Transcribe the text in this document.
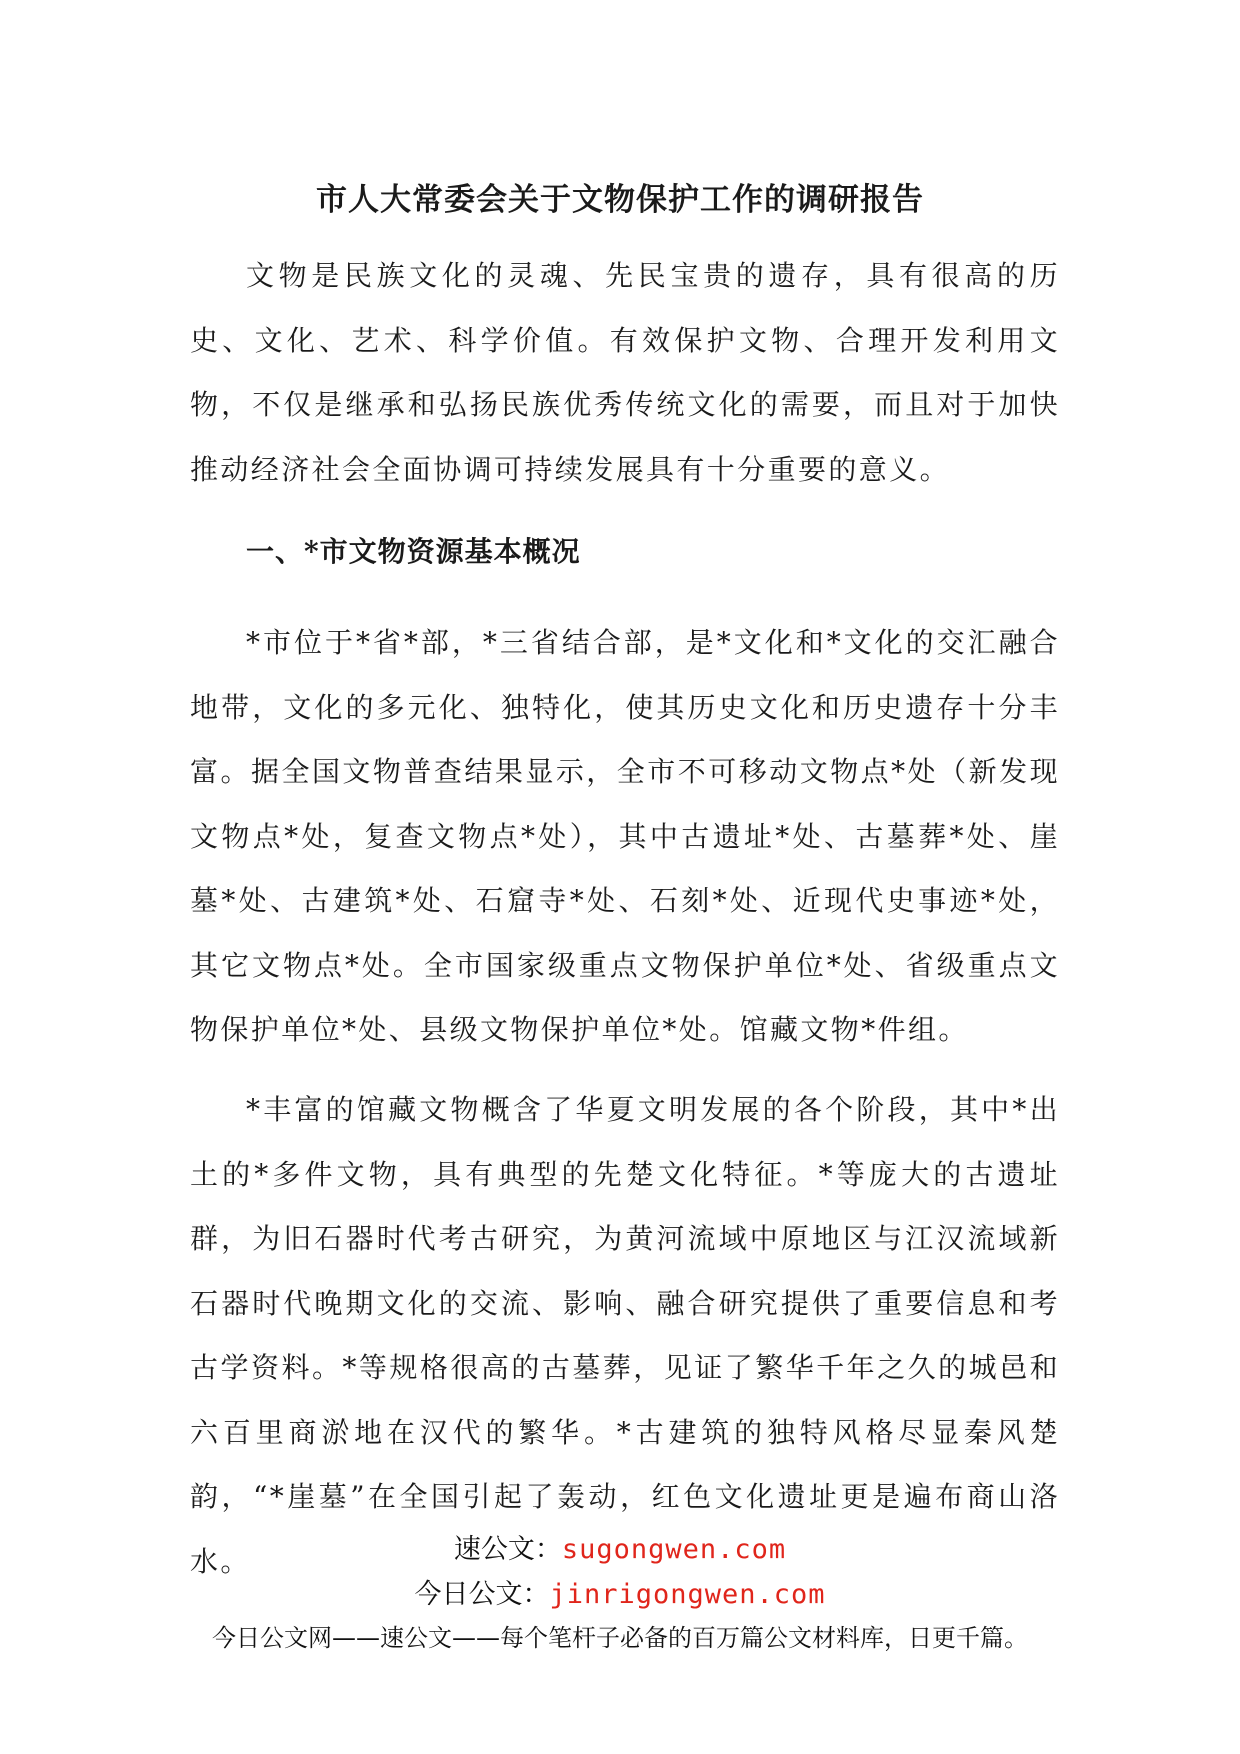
市人大常委会关于文物保护工作的调研报告

文物是民族文化的灵魂、先民宝贵的遗存，具有很高的历史、文化、艺术、科学价值。有效保护文物、合理开发利用文物，不仅是继承和弘扬民族优秀传统文化的需要，而且对于加快推动经济社会全面协调可持续发展具有十分重要的意义。

一、*市文物资源基本概况

*市位于*省*部，*三省结合部，是*文化和*文化的交汇融合地带，文化的多元化、独特化，使其历史文化和历史遗存十分丰富。据全国文物普查结果显示，全市不可移动文物点*处（新发现文物点*处，复查文物点*处），其中古遗址*处、古墓葬*处、崖墓*处、古建筑*处、石窟寺*处、石刻*处、近现代史事迹*处，其它文物点*处。全市国家级重点文物保护单位*处、省级重点文物保护单位*处、县级文物保护单位*处。馆藏文物*件组。

*丰富的馆藏文物概含了华夏文明发展的各个阶段，其中*出土的*多件文物，具有典型的先楚文化特征。*等庞大的古遗址群，为旧石器时代考古研究，为黄河流域中原地区与江汉流域新石器时代晚期文化的交流、影响、融合研究提供了重要信息和考古学资料。*等规格很高的古墓葬，见证了繁华千年之久的城邑和六百里商淤地在汉代的繁华。*古建筑的独特风格尽显秦风楚韵，“*崖墓”在全国引起了轰动，红色文化遗址更是遍布商山洛水。	速公文：sugongwen.com
今日公文：jinrigongwen.com
今日公文网——速公文——每个笔杆子必备的百万篇公文材料库，日更千篇。
